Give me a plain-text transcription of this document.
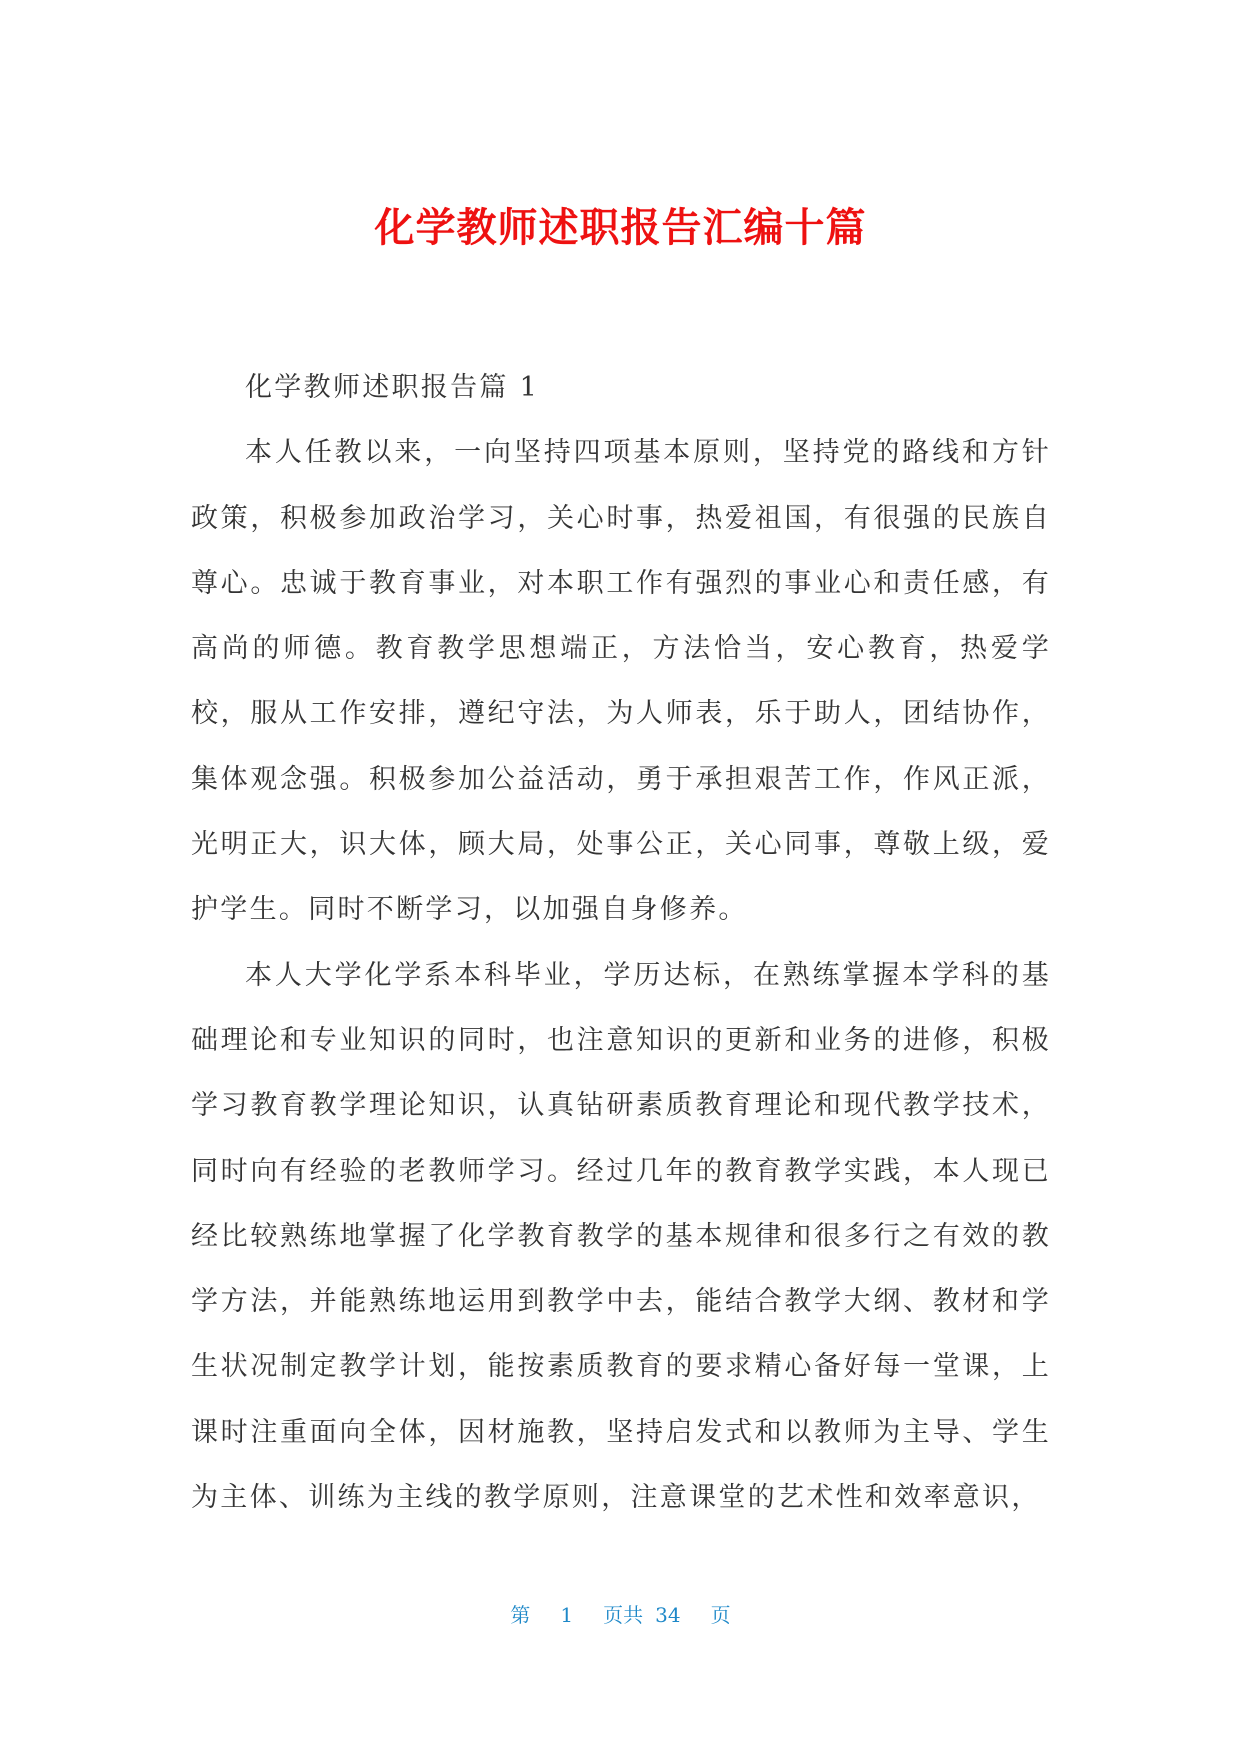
化学教师述职报告汇编十篇

化学教师述职报告篇 1

本人任教以来，一向坚持四项基本原则，坚持党的路线和方针政策，积极参加政治学习，关心时事，热爱祖国，有很强的民族自尊心。忠诚于教育事业，对本职工作有强烈的事业心和责任感，有高尚的师德。教育教学思想端正，方法恰当，安心教育，热爱学校，服从工作安排，遵纪守法，为人师表，乐于助人，团结协作，集体观念强。积极参加公益活动，勇于承担艰苦工作，作风正派，光明正大，识大体，顾大局，处事公正，关心同事，尊敬上级，爱护学生。同时不断学习，以加强自身修养。

本人大学化学系本科毕业，学历达标，在熟练掌握本学科的基础理论和专业知识的同时，也注意知识的更新和业务的进修，积极学习教育教学理论知识，认真钻研素质教育理论和现代教学技术，同时向有经验的老教师学习。经过几年的教育教学实践，本人现已经比较熟练地掌握了化学教育教学的基本规律和很多行之有效的教学方法，并能熟练地运用到教学中去，能结合教学大纲、教材和学生状况制定教学计划，能按素质教育的要求精心备好每一堂课，上课时注重面向全体，因材施教，坚持启发式和以教师为主导、学生为主体、训练为主线的教学原则，注意课堂的艺术性和效率意识，

第 1 页共 34 页
